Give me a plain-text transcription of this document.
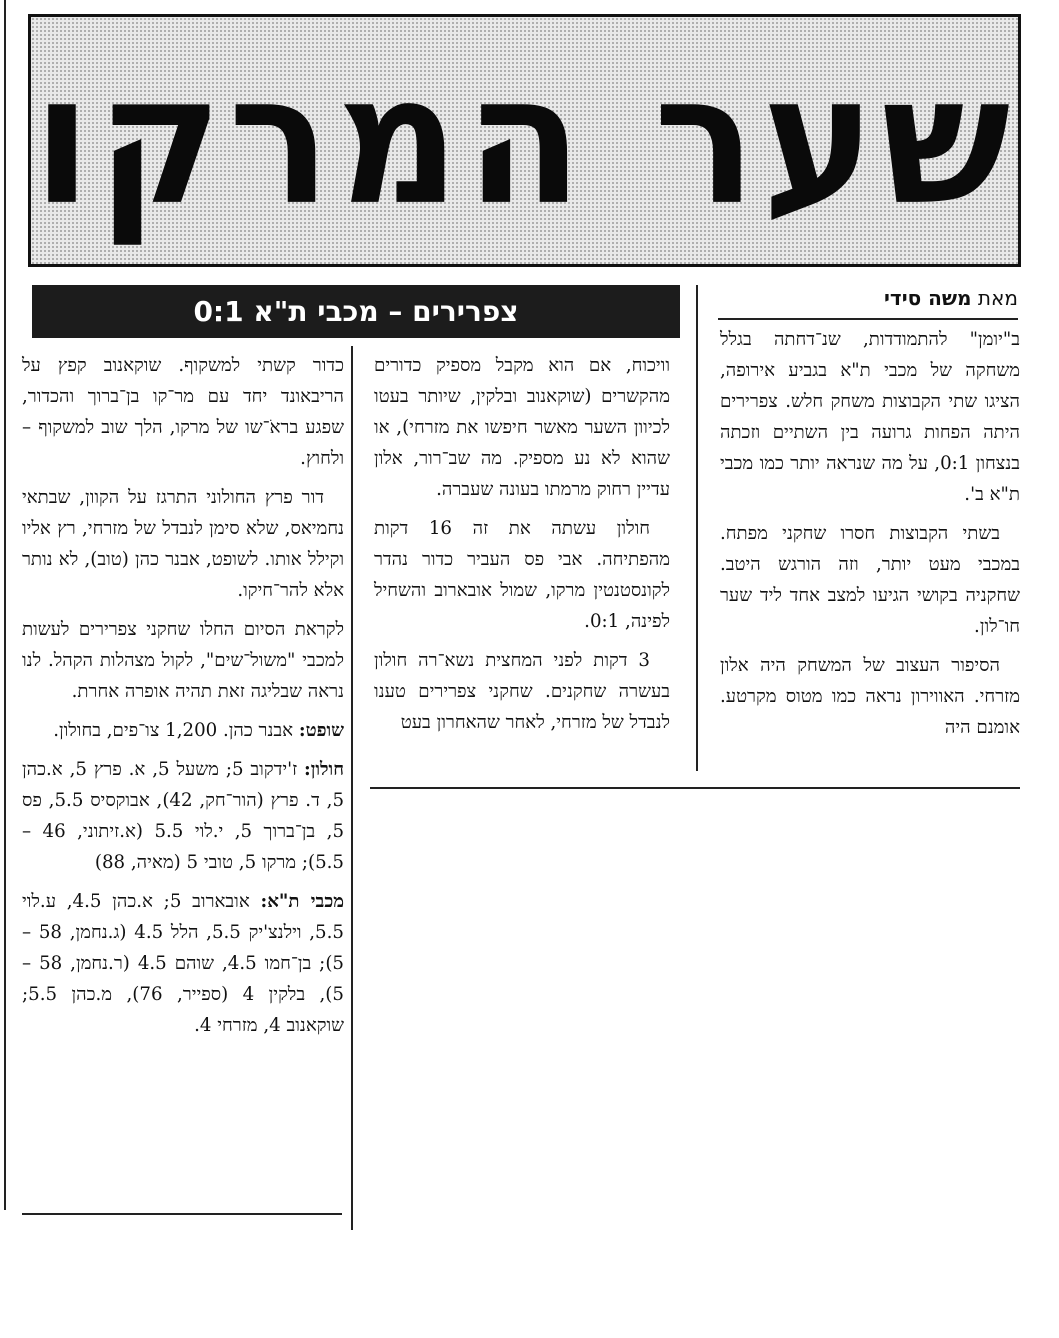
שער המרקו
מאת משה סידי
צפרירים – מכבי ת"א 0:1

ב"יומן" להתמודדות, שנ־דחתה בגלל משחקה של מכבי ת"א בגביע אירופה, הציגו שתי הקבוצות משחק חלש. צפרירים היתה הפחות גרועה בין השתיים וזכתה בנצחון 0:1, על מה שנראה יותר כמו מכבי ת"א ב'.

בשתי הקבוצות חסרו שחקני מפתח. במכבי מעט יותר, וזה הורגש היטב. שחקניה בקושי הגיעו למצב אחד ליד שער חו־לון.

הסיפור העצוב של המשחק היה אלון מזרחי. האווירון נראה כמו מטוס מקרטע. אומנם היה

וויכוח, אם הוא מקבל מספיק כדורים מהקשרים (שוקאנוב ובלקין, שיותר בעטו לכיוון השער מאשר חיפשו את מזרחי), או שהוא לא נע מספיק. מה שב־רור, אלון עדיין רחוק מרמתו בעונה שעברה.

חולון עשתה את זה 16 דקות מהפתיחה. אבי פס העביר כדור נהדר לקונסטנטין מרקו, שמול אובארוב והשחיל לפינה, 0:1.

3 דקות לפני המחצית נשא־רה חולון בעשרה שחקנים. שחקני צפרירים טענו לנבדל של מזרחי, לאחר שהאחרון בעט

כדור קשתי למשקוף. שוקאנוב קפץ על הריבאונד יחד עם מר־קו בן־ברוך והכדור, שפגע בראֹ־שו של מרקו, הלך שוב למשקוף – ולחוץ.

דור פרץ החולוני התרגז על הקוון, שבתאי נחמיאס, שלא סימן לנבדל של מזרחי, רץ אליו וקילל אותו. לשופט, אבנר כהן (טוב), לא נותר אלא להר־חיקו.

לקראת הסיום החלו שחקני צפרירים לעשות למכבי "משול־שים", לקול מצהלות הקהל. לנו נראה שבליגה זאת תהיה אופרה אחרת.

שופט: אבנר כהן. 1,200 צו־פים, בחולון.

חולון: ז'ידקוב 5; משעל 5, א. פרץ 5, א.כהן 5, ד. פרץ (הור־חק, 42), אבוקסיס 5.5, פס 5, בן־ברוך 5, י.לוי 5.5 (א.זיתוני, 46 – 5.5); מרקו 5, טובי 5 (מאיה, 88)

מכבי ת"א: אובארוב 5; א.כהן 4.5, ע.לוי 5.5, וילנצ'יק 5.5, הלל 4.5 (ג.נחמן, 58 – 5); בן־חמו 4.5, שוהם 4.5 (ר.נחמן, 58 – 5), בלקין 4 (ספייר, 76), מ.כהן 5.5; שוקאנוב 4, מזרחי 4.
